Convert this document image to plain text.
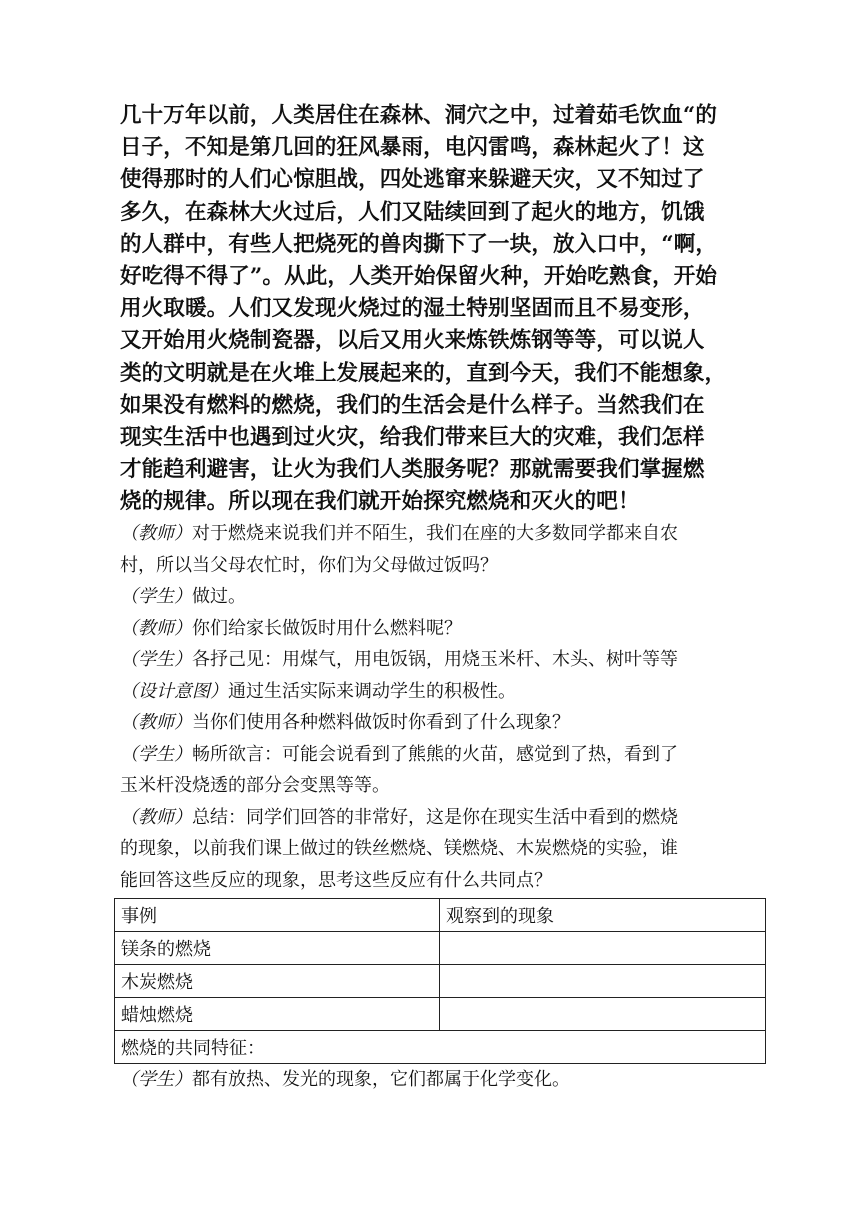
几十万年以前，人类居住在森林、洞穴之中，过着茹毛饮血“的
日子，不知是第几回的狂风暴雨，电闪雷鸣，森林起火了！这
使得那时的人们心惊胆战，四处逃窜来躲避天灾，又不知过了
多久，在森林大火过后，人们又陆续回到了起火的地方，饥饿
的人群中，有些人把烧死的兽肉撕下了一块，放入口中，“啊，
好吃得不得了”。从此，人类开始保留火种，开始吃熟食，开始
用火取暖。人们又发现火烧过的湿土特别坚固而且不易变形，
又开始用火烧制瓷器，以后又用火来炼铁炼钢等等，可以说人
类的文明就是在火堆上发展起来的，直到今天，我们不能想象，
如果没有燃料的燃烧，我们的生活会是什么样子。当然我们在
现实生活中也遇到过火灾，给我们带来巨大的灾难，我们怎样
才能趋利避害，让火为我们人类服务呢？那就需要我们掌握燃
烧的规律。所以现在我们就开始探究燃烧和灭火的吧！
（教师）对于燃烧来说我们并不陌生，我们在座的大多数同学都来自农
村，所以当父母农忙时，你们为父母做过饭吗？
（学生）做过。
（教师）你们给家长做饭时用什么燃料呢？
（学生）各抒己见：用煤气，用电饭锅，用烧玉米杆、木头、树叶等等
（设计意图）通过生活实际来调动学生的积极性。
（教师）当你们使用各种燃料做饭时你看到了什么现象？
（学生）畅所欲言：可能会说看到了熊熊的火苗，感觉到了热，看到了
玉米杆没烧透的部分会变黑等等。
（教师）总结：同学们回答的非常好，这是你在现实生活中看到的燃烧
的现象，以前我们课上做过的铁丝燃烧、镁燃烧、木炭燃烧的实验，谁
能回答这些反应的现象，思考这些反应有什么共同点？
事例	观察到的现象
镁条的燃烧	
木炭燃烧	
蜡烛燃烧	
燃烧的共同特征：	
（学生）都有放热、发光的现象，它们都属于化学变化。
